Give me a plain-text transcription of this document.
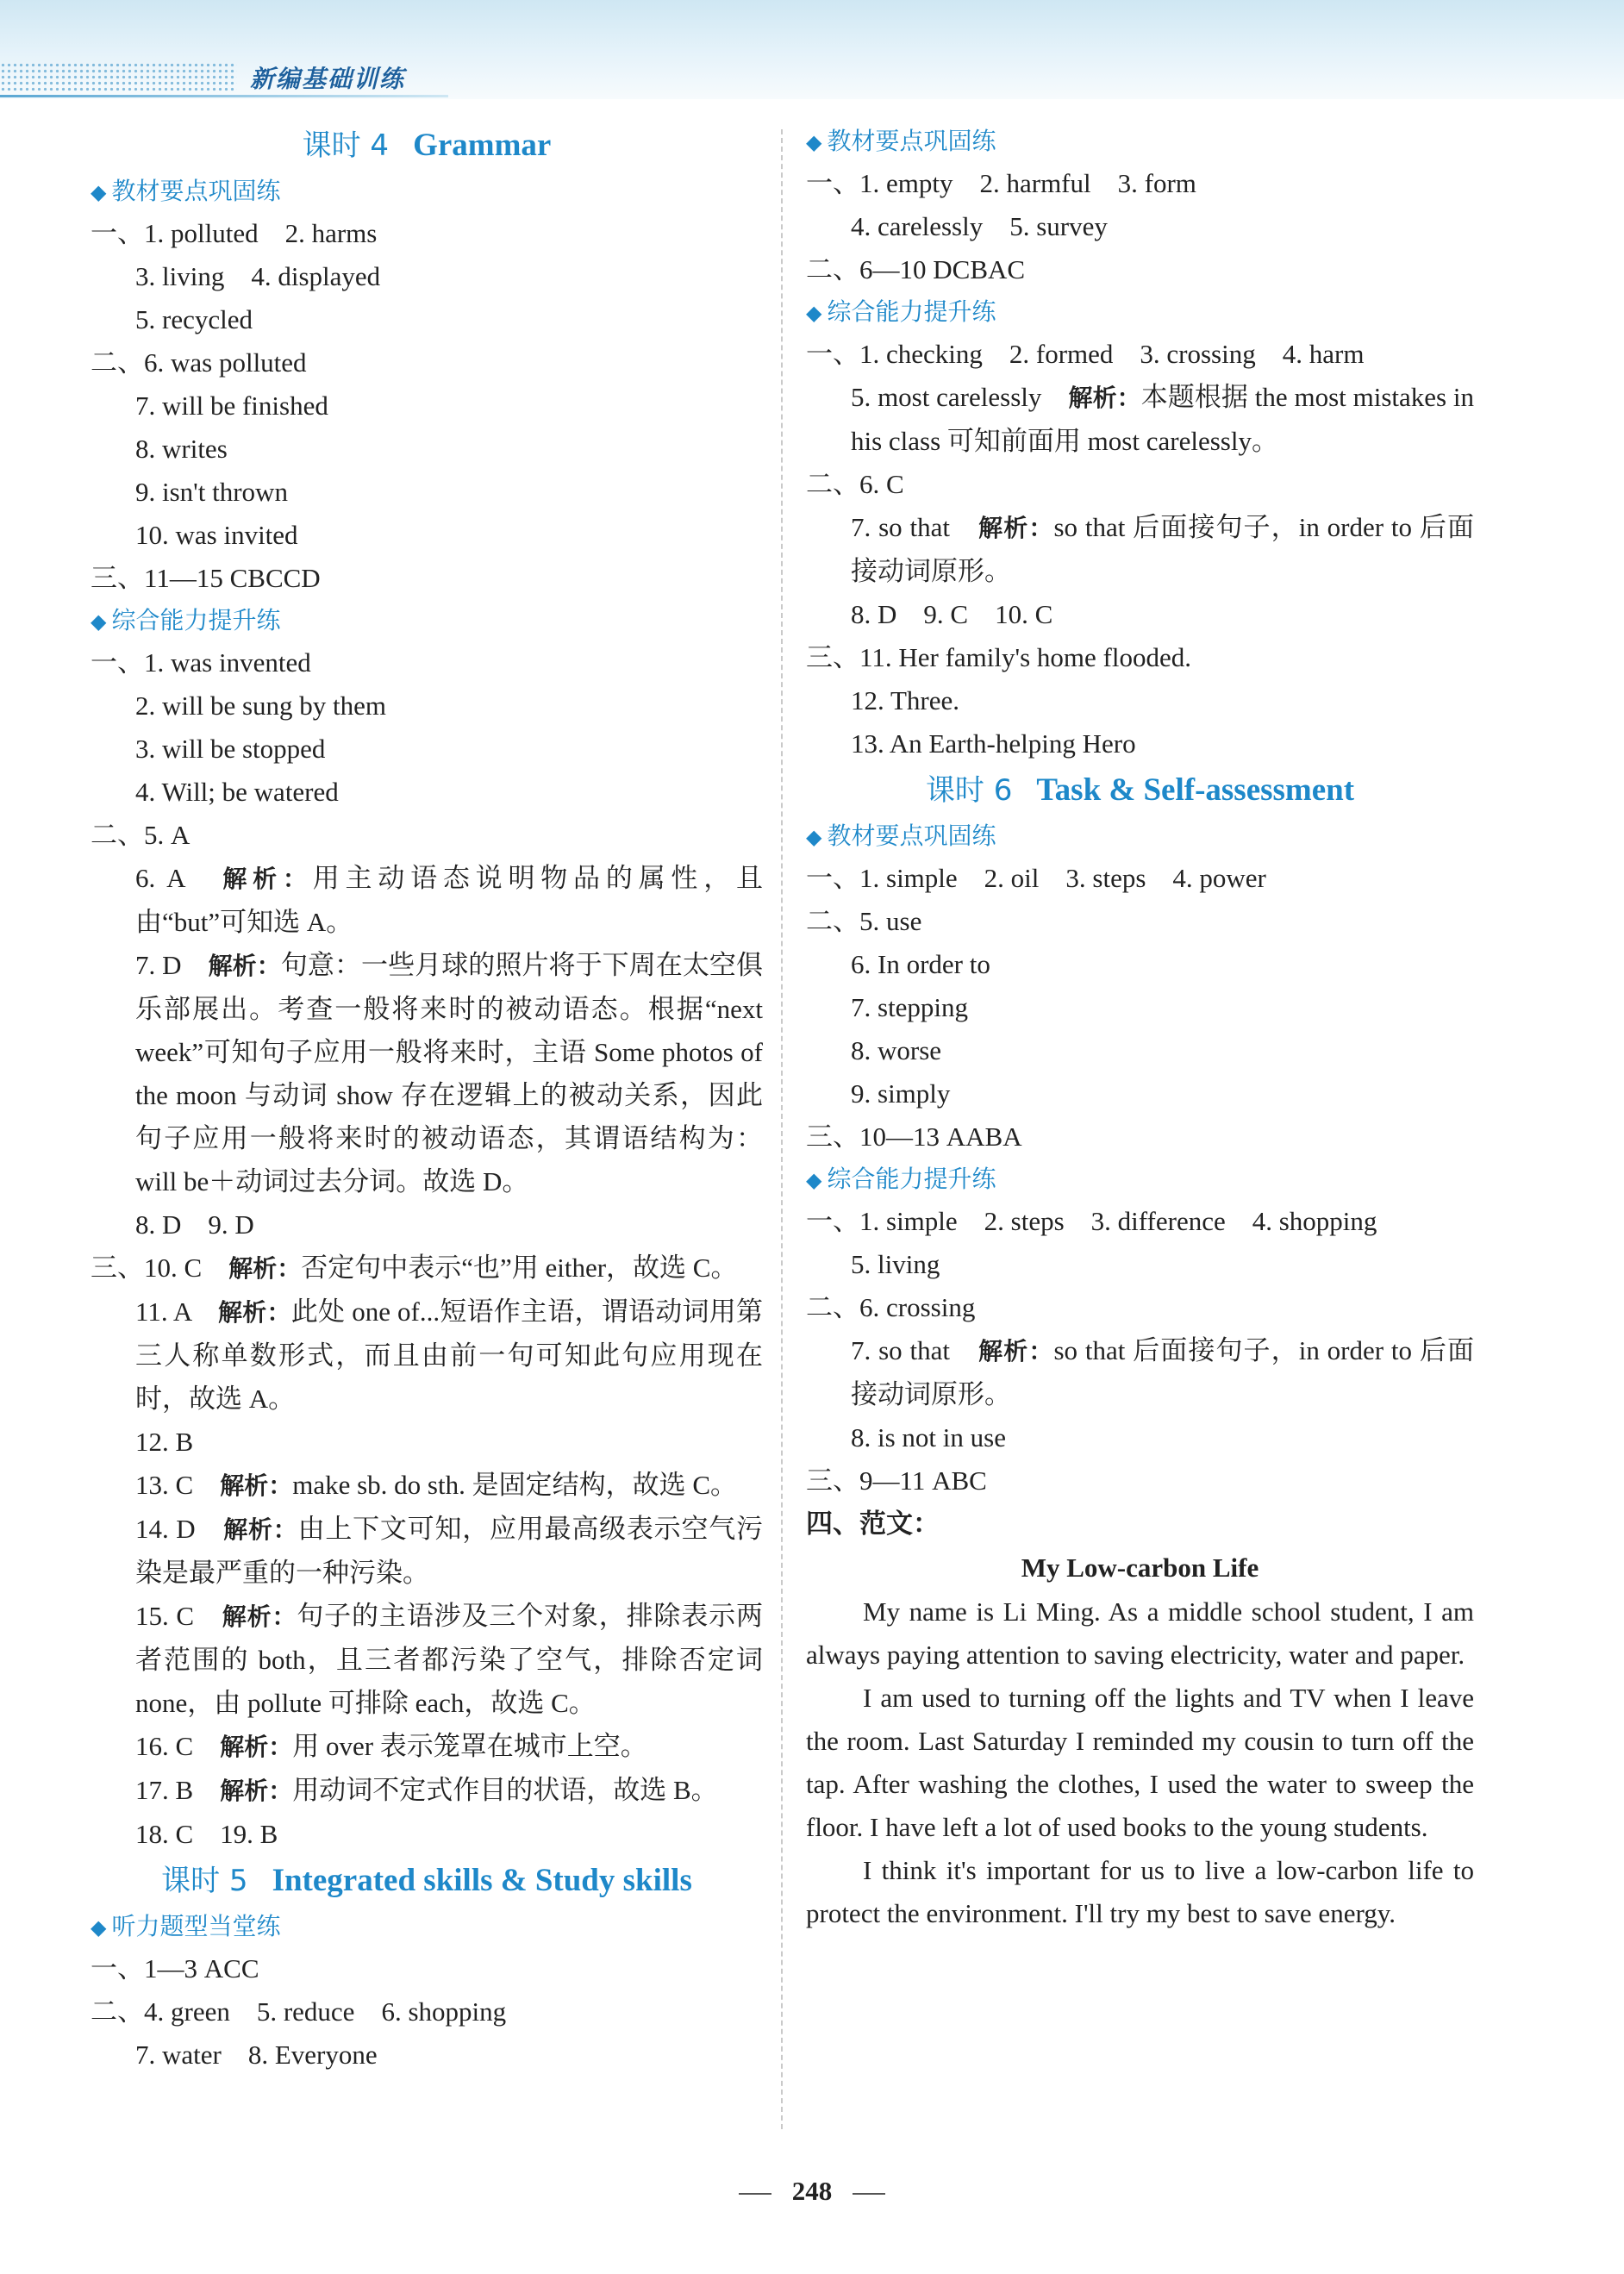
新编基础训练
课时 4 Grammar
◆ 教材要点巩固练
一、1. polluted　2. harms
3. living　4. displayed
5. recycled
二、6. was polluted
7. will be finished
8. writes
9. isn't thrown
10. was invited
三、11—15 CBCCD
◆ 综合能力提升练
一、1. was invented
2. will be sung by them
3. will be stopped
4. Will; be watered
二、5. A
6. A　 解析：用主动语态说明物品的属性，且由“but”可知选 A。
7. D　 解析：句意：一些月球的照片将于下周在太空俱乐部展出。考查一般将来时的被动语态。根据“next week”可知句子应用一般将来时，主语 Some photos of the moon 与动词 show 存在逻辑上的被动关系，因此句子应用一般将来时的被动语态，其谓语结构为：will be＋动词过去分词。故选 D。
8. D　9. D
三、10. C　 解析：否定句中表示“也”用 either，故选 C。
11. A　 解析：此处 one of...短语作主语，谓语动词用第三人称单数形式，而且由前一句可知此句应用现在时，故选 A。
12. B
13. C　 解析：make sb. do sth. 是固定结构，故选 C。
14. D　 解析：由上下文可知，应用最高级表示空气污染是最严重的一种污染。
15. C　 解析：句子的主语涉及三个对象，排除表示两者范围的 both，且三者都污染了空气，排除否定词 none，由 pollute 可排除 each，故选 C。
16. C　 解析：用 over 表示笼罩在城市上空。
17. B　 解析：用动词不定式作目的状语，故选 B。
18. C　19. B
课时 5 Integrated skills & Study skills
◆ 听力题型当堂练
一、1—3 ACC
二、4. green　5. reduce　6. shopping
7. water　8. Everyone
◆ 教材要点巩固练
一、1. empty　2. harmful　3. form
4. carelessly　5. survey
二、6—10 DCBAC
◆ 综合能力提升练
一、1. checking　2. formed　3. crossing　4. harm
5. most carelessly　 解析：本题根据 the most mistakes in his class 可知前面用 most carelessly。
二、6. C
7. so that　 解析：so that 后面接句子，in order to 后面接动词原形。
8. D　9. C　10. C
三、11. Her family's home flooded.
12. Three.
13. An Earth-helping Hero
课时 6 Task & Self-assessment
◆ 教材要点巩固练
一、1. simple　2. oil　3. steps　4. power
二、5. use
6. In order to
7. stepping
8. worse
9. simply
三、10—13 AABA
◆ 综合能力提升练
一、1. simple　2. steps　3. difference　4. shopping
5. living
二、6. crossing
7. so that　 解析：so that 后面接句子，in order to 后面接动词原形。
8. is not in use
三、9—11 ABC
四、范文：
My Low-carbon Life
My name is Li Ming. As a middle school student, I am always paying attention to saving electricity, water and paper.
I am used to turning off the lights and TV when I leave the room. Last Saturday I reminded my cousin to turn off the tap. After washing the clothes, I used the water to sweep the floor. I have left a lot of used books to the young students.
I think it's important for us to live a low-carbon life to protect the environment. I'll try my best to save energy.
248
